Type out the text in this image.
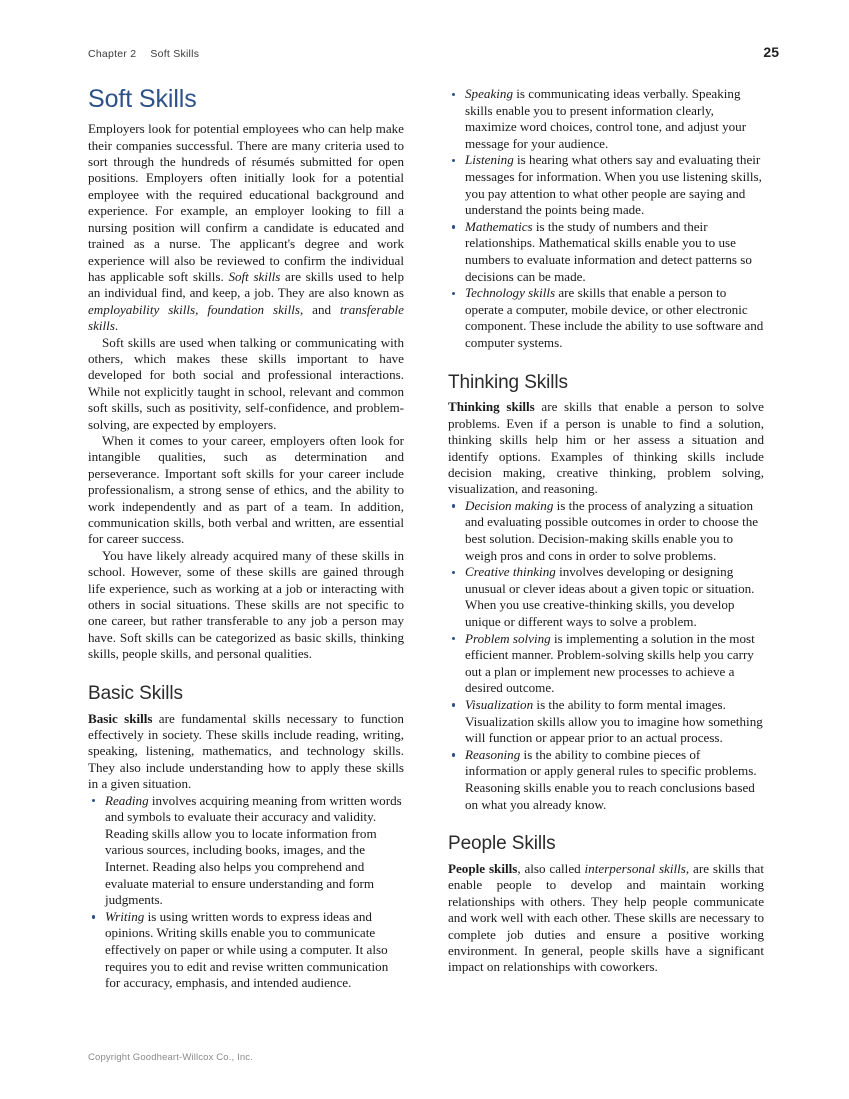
Chapter 2 Soft Skills	25
Soft Skills

Employers look for potential employees who can help make their companies successful. There are many criteria used to sort through the hundreds of résumés submitted for open positions. Employers often initially look for a potential employee with the required educational background and experience. For example, an employer looking to fill a nursing position will confirm a candidate is educated and trained as a nurse. The applicant's degree and work experience will also be reviewed to confirm the individual has applicable soft skills. Soft skills are skills used to help an individual find, and keep, a job. They are also known as employability skills, foundation skills, and transferable skills.

Soft skills are used when talking or communicating with others, which makes these skills important to have developed for both social and professional interactions. While not explicitly taught in school, relevant and common soft skills, such as positivity, self-confidence, and problem-solving, are expected by employers.

When it comes to your career, employers often look for intangible qualities, such as determination and perseverance. Important soft skills for your career include professionalism, a strong sense of ethics, and the ability to work independently and as part of a team. In addition, communication skills, both verbal and written, are essential for career success.

You have likely already acquired many of these skills in school. However, some of these skills are gained through life experience, such as working at a job or interacting with others in social situations. These skills are not specific to one career, but rather transferable to any job a person may have. Soft skills can be categorized as basic skills, thinking skills, people skills, and personal qualities.

Basic Skills

Basic skills are fundamental skills necessary to function effectively in society. These skills include reading, writing, speaking, listening, mathematics, and technology skills. They also include understanding how to apply these skills in a given situation.

Reading involves acquiring meaning from written words and symbols to evaluate their accuracy and validity. Reading skills allow you to locate information from various sources, including books, images, and the Internet. Reading also helps you comprehend and evaluate material to ensure understanding and form judgments.
Writing is using written words to express ideas and opinions. Writing skills enable you to communicate effectively on paper or while using a computer. It also requires you to edit and revise written communication for accuracy, emphasis, and intended audience.
Speaking is communicating ideas verbally. Speaking skills enable you to present information clearly, maximize word choices, control tone, and adjust your message for your audience.
Listening is hearing what others say and evaluating their messages for information. When you use listening skills, you pay attention to what other people are saying and understand the points being made.
Mathematics is the study of numbers and their relationships. Mathematical skills enable you to use numbers to evaluate information and detect patterns so decisions can be made.
Technology skills are skills that enable a person to operate a computer, mobile device, or other electronic component. These include the ability to use software and computer systems.
Thinking Skills

Thinking skills are skills that enable a person to solve problems. Even if a person is unable to find a solution, thinking skills help him or her assess a situation and identify options. Examples of thinking skills include decision making, creative thinking, problem solving, visualization, and reasoning.

Decision making is the process of analyzing a situation and evaluating possible outcomes in order to choose the best solution. Decision-making skills enable you to weigh pros and cons in order to solve problems.
Creative thinking involves developing or designing unusual or clever ideas about a given topic or situation. When you use creative-thinking skills, you develop unique or different ways to solve a problem.
Problem solving is implementing a solution in the most efficient manner. Problem-solving skills help you carry out a plan or implement new processes to achieve a desired outcome.
Visualization is the ability to form mental images. Visualization skills allow you to imagine how something will function or appear prior to an actual process.
Reasoning is the ability to combine pieces of information or apply general rules to specific problems. Reasoning skills enable you to reach conclusions based on what you already know.
People Skills

People skills, also called interpersonal skills, are skills that enable people to develop and maintain working relationships with others. They help people communicate and work well with each other. These skills are necessary to complete job duties and ensure a positive working environment. In general, people skills have a significant impact on relationships with coworkers.

Copyright Goodheart-Willcox Co., Inc.
